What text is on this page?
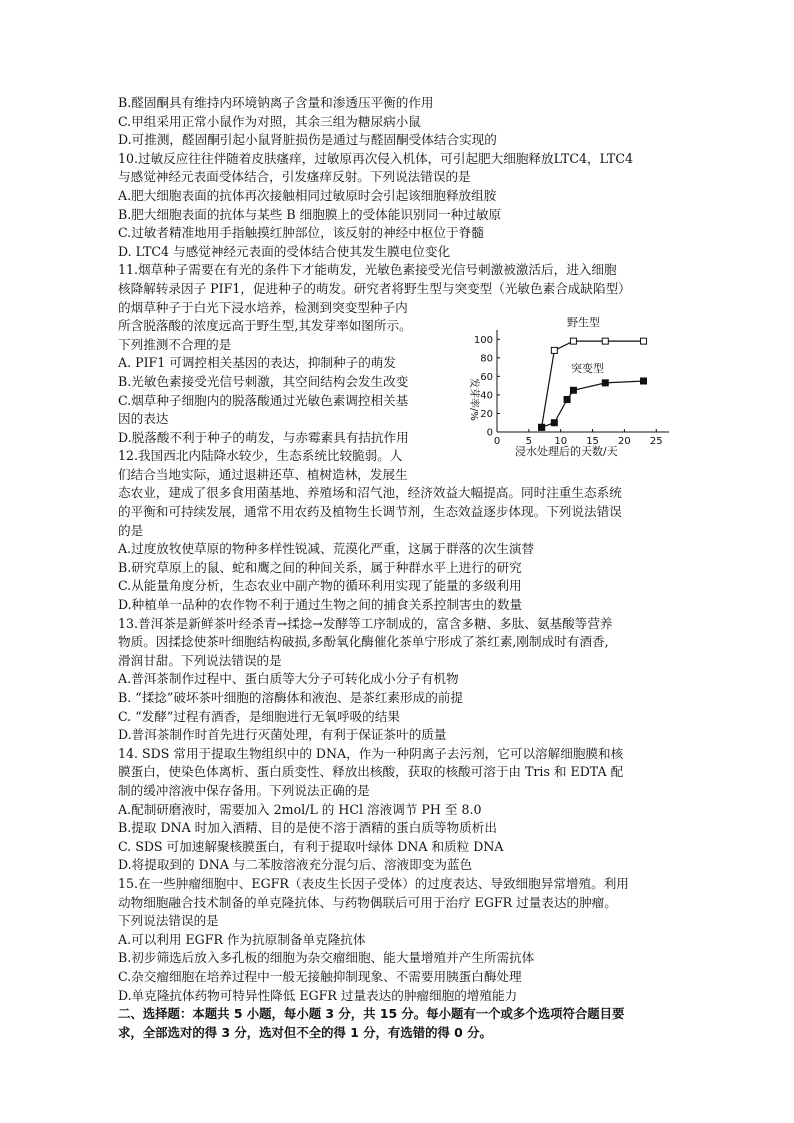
B.醛固酮具有维持内环境钠离子含量和渗透压平衡的作用
C.甲组采用正常小鼠作为对照，其余三组为糖尿病小鼠
D.可推测，醛固酮引起小鼠肾脏损伤是通过与醛固酮受体结合实现的
10.过敏反应往往伴随着皮肤瘙痒，过敏原再次侵入机体，可引起肥大细胞释放LTC4，LTC4
与感觉神经元表面受体结合，引发瘙痒反射。下列说法错误的是
A.肥大细胞表面的抗体再次接触相同过敏原时会引起该细胞释放组胺
B.肥大细胞表面的抗体与某些 B 细胞膜上的受体能识别同一种过敏原
C.过敏者精准地用手指触摸红肿部位，该反射的神经中枢位于脊髓
D. LTC4 与感觉神经元表面的受体结合使其发生膜电位变化
11.烟草种子需要在有光的条件下才能萌发，光敏色素接受光信号刺激被激活后，进入细胞
核降解转录因子 PIF1，促进种子的萌发。研究者将野生型与突变型（光敏色素合成缺陷型）
的烟草种子于白光下浸水培养，检测到突变型种子内
所含脱落酸的浓度远高于野生型,其发芽率如图所示。
下列推测不合理的是
A. PIF1 可调控相关基因的表达，抑制种子的萌发
B.光敏色素接受光信号刺激，其空间结构会发生改变
C.烟草种子细胞内的脱落酸通过光敏色素调控相关基
因的表达
D.脱落酸不利于种子的萌发，与赤霉素具有拮抗作用
12.我国西北内陆降水较少，生态系统比较脆弱。人
们结合当地实际，通过退耕还草、植树造林，发展生
态农业，建成了很多食用菌基地、养殖场和沼气池，经济效益大幅提高。同时注重生态系统
的平衡和可持续发展，通常不用农药及植物生长调节剂，生态效益逐步体现。下列说法错误
的是
A.过度放牧使草原的物种多样性锐减、荒漠化严重，这属于群落的次生演替
B.研究草原上的鼠、蛇和鹰之间的种间关系，属于种群水平上进行的研究
C.从能量角度分析，生态农业中副产物的循环利用实现了能量的多级利用
D.种植单一品种的农作物不利于通过生物之间的捕食关系控制害虫的数量
13.普洱茶是新鲜茶叶经杀青→揉捻→发酵等工序制成的，富含多糖、多肽、氨基酸等营养
物质。因揉捻使茶叶细胞结构破损,多酚氧化酶催化茶单宁形成了茶红素,刚制成时有酒香,
滑润甘甜。下列说法错误的是
A.普洱茶制作过程中、蛋白质等大分子可转化成小分子有机物
B. “揉捻”破坏茶叶细胞的溶酶体和液泡、是茶红素形成的前提
C. “发酵”过程有酒香，是细胞进行无氧呼吸的结果
D.普洱茶制作时首先进行灭菌处理，有利于保证茶叶的质量
14. SDS 常用于提取生物组织中的 DNA，作为一种阴离子去污剂，它可以溶解细胞膜和核
膜蛋白，使染色体离析、蛋白质变性、释放出核酸，获取的核酸可溶于由 Tris 和 EDTA 配
制的缓冲溶液中保存备用。下列说法正确的是
A.配制研磨液时，需要加入 2mol/L 的 HCl 溶液调节 PH 至 8.0
B.提取 DNA 时加入酒精、目的是使不溶于酒精的蛋白质等物质析出
C. SDS 可加速解聚核膜蛋白，有利于提取叶绿体 DNA 和质粒 DNA
D.将提取到的 DNA 与二苯胺溶液充分混匀后、溶液即变为蓝色
15.在一些肿瘤细胞中、EGFR（表皮生长因子受体）的过度表达、导致细胞异常增殖。利用
动物细胞融合技术制备的单克隆抗体、与药物偶联后可用于治疗 EGFR 过量表达的肿瘤。
下列说法错误的是
A.可以利用 EGFR 作为抗原制备单克隆抗体
B.初步筛选后放入多孔板的细胞为杂交瘤细胞、能大量增殖并产生所需抗体
C.杂交瘤细胞在培养过程中一般无接触抑制现象、不需要用胰蛋白酶处理
D.单克隆抗体药物可特异性降低 EGFR 过量表达的肿瘤细胞的增殖能力
二、选择题：本题共 5 小题，每小题 3 分，共 15 分。每小题有一个或多个选项符合题目要
求，全部选对的得 3 分，选对但不全的得 1 分，有选错的得 0 分。
0	5 10 15 20 25
0
20
40
60
80
100
野生型
突变型
浸水处理后的天数/天
发芽率/%
